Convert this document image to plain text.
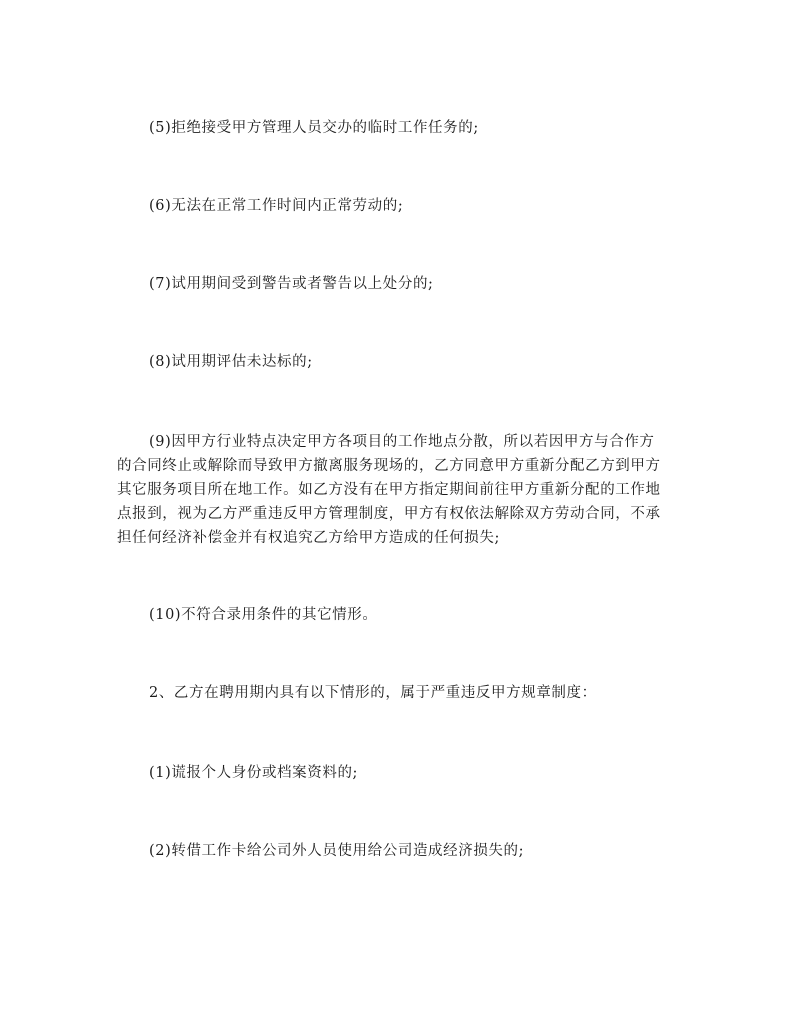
(5)拒绝接受甲方管理人员交办的临时工作任务的;

(6)无法在正常工作时间内正常劳动的;

(7)试用期间受到警告或者警告以上处分的;

(8)试用期评估未达标的;

(9)因甲方行业特点决定甲方各项目的工作地点分散，所以若因甲方与合作方
的合同终止或解除而导致甲方撤离服务现场的，乙方同意甲方重新分配乙方到甲方
其它服务项目所在地工作。如乙方没有在甲方指定期间前往甲方重新分配的工作地
点报到，视为乙方严重违反甲方管理制度，甲方有权依法解除双方劳动合同，不承
担任何经济补偿金并有权追究乙方给甲方造成的任何损失;

(10)不符合录用条件的其它情形。

2、乙方在聘用期内具有以下情形的，属于严重违反甲方规章制度：

(1)谎报个人身份或档案资料的;

(2)转借工作卡给公司外人员使用给公司造成经济损失的;
